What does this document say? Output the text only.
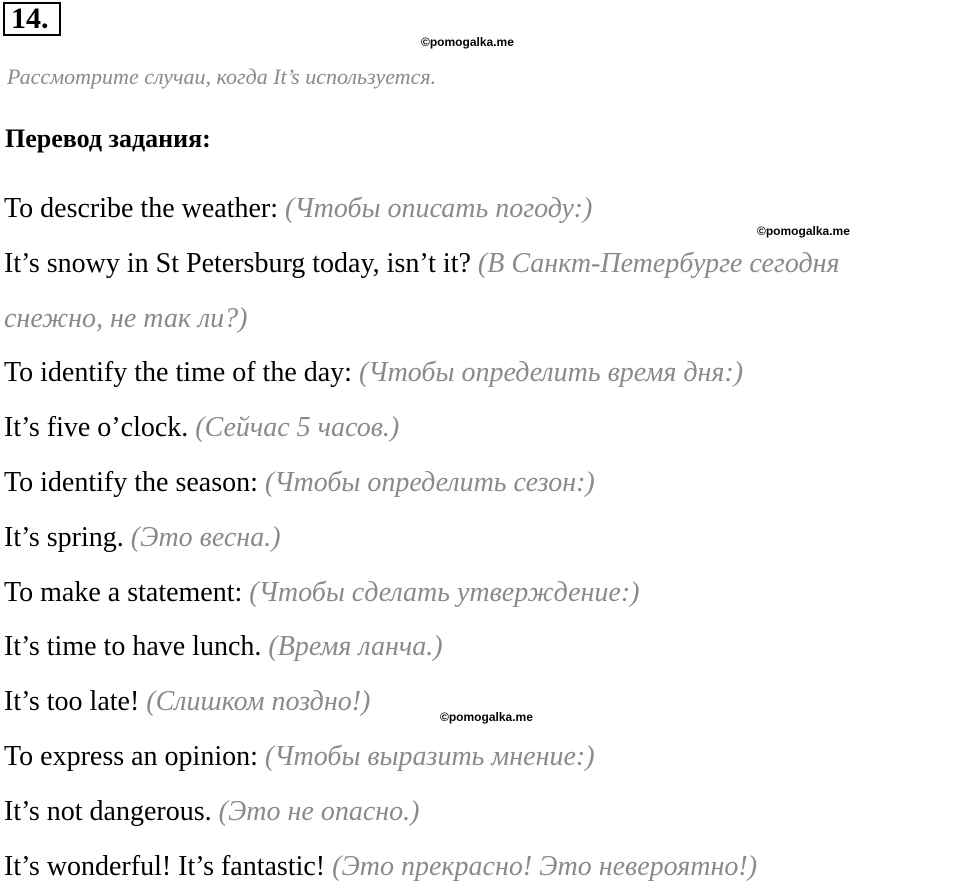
14.
©pomogalka.me
Рассмотрите случаи, когда It’s используется.
Перевод задания:
©pomogalka.me
©pomogalka.me
To describe the weather: (Чтобы описать погоду:)
It’s snowy in St Petersburg today, isn’t it? (В Санкт-Петербурге сегодня
снежно, не так ли?)
To identify the time of the day: (Чтобы определить время дня:)
It’s five o’clock. (Сейчас 5 часов.)
To identify the season: (Чтобы определить сезон:)
It’s spring. (Это весна.)
To make a statement: (Чтобы сделать утверждение:)
It’s time to have lunch. (Время ланча.)
It’s too late! (Слишком поздно!)
To express an opinion: (Чтобы выразить мнение:)
It’s not dangerous. (Это не опасно.)
It’s wonderful! It’s fantastic! (Это прекрасно! Это невероятно!)
